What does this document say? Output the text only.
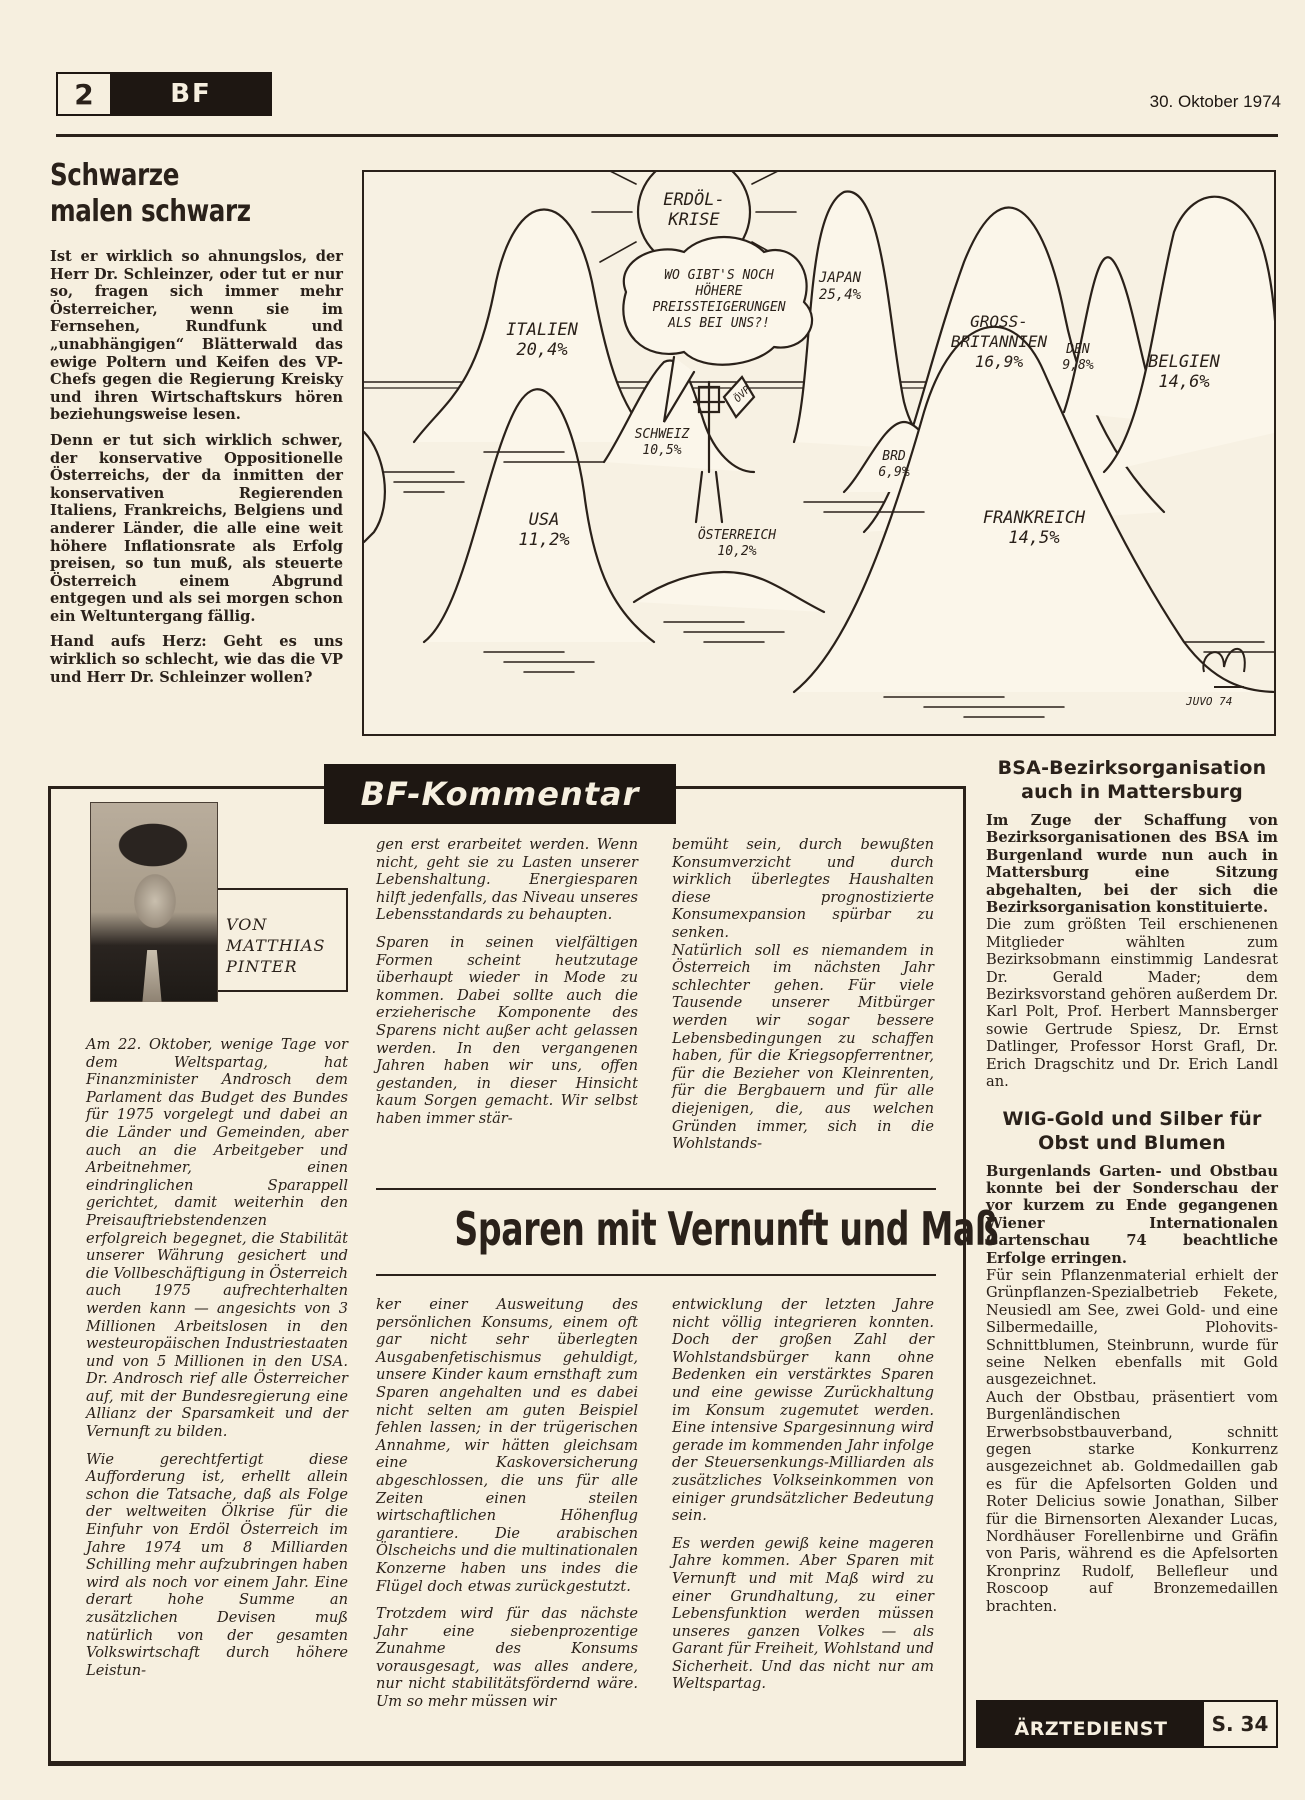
2	BF	30. Oktober 1974
Schwarze malen schwarz

Ist er wirklich so ahnungslos, der Herr Dr. Schleinzer, oder tut er nur so, fragen sich immer mehr Österreicher, wenn sie im Fernsehen, Rundfunk und „unabhängigen“ Blätterwald das ewige Poltern und Keifen des VP-Chefs gegen die Regierung Kreisky und ihren Wirtschaftskurs hören beziehungsweise lesen.

Denn er tut sich wirklich schwer, der konservative Oppositionelle Österreichs, der da inmitten der konservativen Regierenden Italiens, Frankreichs, Belgiens und anderer Länder, die alle eine weit höhere Inflationsrate als Erfolg preisen, so tun muß, als steuerte Österreich einem Abgrund entgegen und als sei morgen schon ein Weltuntergang fällig.

Hand aufs Herz: Geht es uns wirklich so schlecht, wie das die VP und Herr Dr. Schleinzer wollen?

ERDÖL-KRISE
WO GIBT'S NOCH HÖHERE PREISSTEIGERUNGEN ALS BEI UNS?!
ÖVP
JUVO 74
ITALIEN
20,4%
JAPAN
25,4%
GROSS-BRITANNIEN
16,9%
DEN
9,8%	BELGIEN
14,6%
SCHWEIZ
10,5%	BRD
6,9%
USA
11,2%	ÖSTERREICH
10,2%
FRANKREICH
14,5%
BF-Kommentar
VON
MATTHIAS
PINTER

Am 22. Oktober, wenige Tage vor dem Weltspartag, hat Finanzminister Androsch dem Parlament das Budget des Bundes für 1975 vorgelegt und dabei an die Länder und Gemeinden, aber auch an die Arbeitgeber und Arbeitnehmer, einen eindringlichen Sparappell gerichtet, damit weiterhin den Preisauftriebstendenzen erfolgreich begegnet, die Stabilität unserer Währung gesichert und die Vollbeschäftigung in Österreich auch 1975 aufrechterhalten werden kann — angesichts von 3 Millionen Arbeitslosen in den westeuropäischen Industriestaaten und von 5 Millionen in den USA. Dr. Androsch rief alle Österreicher auf, mit der Bundesregierung eine Allianz der Sparsamkeit und der Vernunft zu bilden.

Wie gerechtfertigt diese Aufforderung ist, erhellt allein schon die Tatsache, daß als Folge der weltweiten Ölkrise für die Einfuhr von Erdöl Österreich im Jahre 1974 um 8 Milliarden Schilling mehr aufzubringen haben wird als noch vor einem Jahr. Eine derart hohe Summe an zusätzlichen Devisen muß natürlich von der gesamten Volkswirtschaft durch höhere Leistun-

gen erst erarbeitet werden. Wenn nicht, geht sie zu Lasten unserer Lebenshaltung. Energiesparen hilft jedenfalls, das Niveau unseres Lebensstandards zu behaupten.

Sparen in seinen vielfältigen Formen scheint heutzutage überhaupt wieder in Mode zu kommen. Dabei sollte auch die erzieherische Komponente des Sparens nicht außer acht gelassen werden. In den vergangenen Jahren haben wir uns, offen gestanden, in dieser Hinsicht kaum Sorgen gemacht. Wir selbst haben immer stär-

bemüht sein, durch bewußten Konsumverzicht und durch wirklich überlegtes Haushalten diese prognostizierte Konsumexpansion spürbar zu senken.

Natürlich soll es niemandem in Österreich im nächsten Jahr schlechter gehen. Für viele Tausende unserer Mitbürger werden wir sogar bessere Lebensbedingungen zu schaffen haben, für die Kriegsopferrentner, für die Bezieher von Kleinrenten, für die Bergbauern und für alle diejenigen, die, aus welchen Gründen immer, sich in die Wohlstands-

Sparen mit Vernunft und Maß

ker einer Ausweitung des persönlichen Konsums, einem oft gar nicht sehr überlegten Ausgabenfetischismus gehuldigt, unsere Kinder kaum ernsthaft zum Sparen angehalten und es dabei nicht selten am guten Beispiel fehlen lassen; in der trügerischen Annahme, wir hätten gleichsam eine Kaskoversicherung abgeschlossen, die uns für alle Zeiten einen steilen wirtschaftlichen Höhenflug garantiere. Die arabischen Ölscheichs und die multinationalen Konzerne haben uns indes die Flügel doch etwas zurückgestutzt.

Trotzdem wird für das nächste Jahr eine siebenprozentige Zunahme des Konsums vorausgesagt, was alles andere, nur nicht stabilitätsfördernd wäre. Um so mehr müssen wir

entwicklung der letzten Jahre nicht völlig integrieren konnten. Doch der großen Zahl der Wohlstandsbürger kann ohne Bedenken ein verstärktes Sparen und eine gewisse Zurückhaltung im Konsum zugemutet werden. Eine intensive Spargesinnung wird gerade im kommenden Jahr infolge der Steuersenkungs-Milliarden als zusätzliches Volkseinkommen von einiger grundsätzlicher Bedeutung sein.

Es werden gewiß keine mageren Jahre kommen. Aber Sparen mit Vernunft und mit Maß wird zu einer Grundhaltung, zu einer Lebensfunktion werden müssen unseres ganzen Volkes — als Garant für Freiheit, Wohlstand und Sicherheit. Und das nicht nur am Weltspartag.

BSA-Bezirksorganisation auch in Mattersburg

Im Zuge der Schaffung von Bezirksorganisationen des BSA im Burgenland wurde nun auch in Mattersburg eine Sitzung abgehalten, bei der sich die Bezirksorganisation konstituierte.

Die zum größten Teil erschienenen Mitglieder wählten zum Bezirksobmann einstimmig Landesrat Dr. Gerald Mader; dem Bezirksvorstand gehören außerdem Dr. Karl Polt, Prof. Herbert Mannsberger sowie Gertrude Spiesz, Dr. Ernst Datlinger, Professor Horst Grafl, Dr. Erich Dragschitz und Dr. Erich Landl an.

WIG-Gold und Silber für Obst und Blumen

Burgenlands Garten- und Obstbau konnte bei der Sonderschau der vor kurzem zu Ende gegangenen Wiener Internationalen Gartenschau 74 beachtliche Erfolge erringen.

Für sein Pflanzenmaterial erhielt der Grünpflanzen-Spezialbetrieb Fekete, Neusiedl am See, zwei Gold- und eine Silbermedaille, Plohovits-Schnittblumen, Steinbrunn, wurde für seine Nelken ebenfalls mit Gold ausgezeichnet.

Auch der Obstbau, präsentiert vom Burgenländischen Erwerbsobstbauverband, schnitt gegen starke Konkurrenz ausgezeichnet ab. Goldmedaillen gab es für die Apfelsorten Golden und Roter Delicius sowie Jonathan, Silber für die Birnensorten Alexander Lucas, Nordhäuser Forellenbirne und Gräfin von Paris, während es die Apfelsorten Kronprinz Rudolf, Bellefleur und Roscoop auf Bronzemedaillen brachten.

ÄRZTEDIENST	S. 34
